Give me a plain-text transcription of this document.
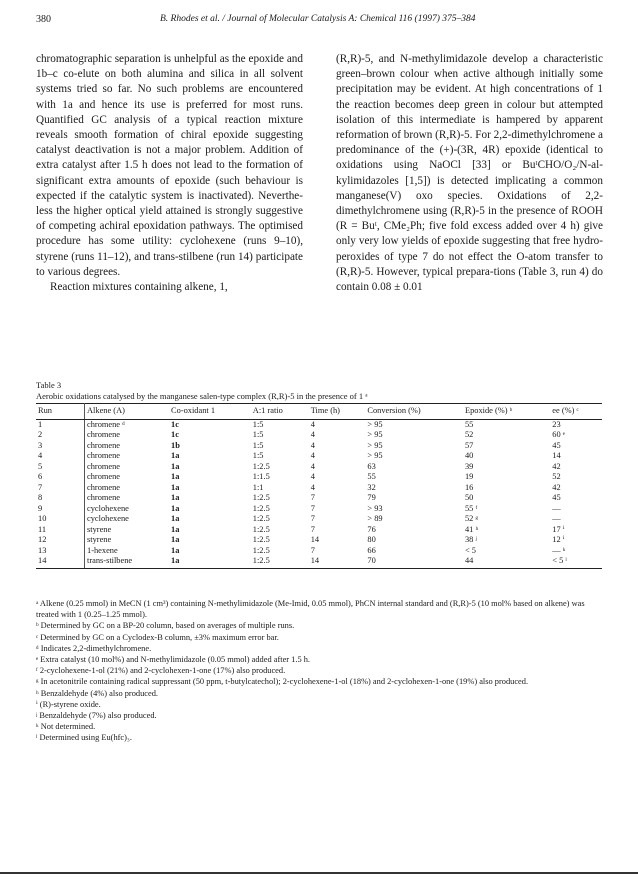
380	B. Rhodes et al. / Journal of Molecular Catalysis A: Chemical 116 (1997) 375–384

chromatographic separation is unhelpful as the epoxide and 1b–c co-elute on both alumina and silica in all solvent systems tried so far. No such problems are encountered with 1a and hence its use is preferred for most runs. Quantified GC analysis of a typical reaction mixture reveals smooth formation of chiral epoxide suggesting catalyst deactivation is not a major problem. Addition of extra catalyst after 1.5 h does not lead to the formation of significant extra amounts of epoxide (such behaviour is expected if the catalytic system is inactivated). Neverthe-less the higher optical yield attained is strongly suggestive of competing achiral epoxidation pathways. The optimised procedure has some utility: cyclohexene (runs 9–10), styrene (runs 11–12), and trans-stilbene (run 14) participate to various degrees.

Reaction mixtures containing alkene, 1,

(R,R)-5, and N-methylimidazole develop a characteristic green–brown colour when active although initially some precipitation may be evident. At high concentrations of 1 the reaction becomes deep green in colour but attempted isolation of this intermediate is hampered by apparent reformation of brown (R,R)-5. For 2,2-dimethylchromene a predominance of the (+)-(3R, 4R) epoxide (identical to oxidations using NaOCl [33] or BuᵗCHO/O₂/N-al-kylimidazoles [1,5]) is detected implicating a common manganese(V) oxo species. Oxidations of 2,2-dimethylchromene using (R,R)-5 in the presence of ROOH (R = Buᵗ, CMe₂Ph; five fold excess added over 4 h) give only very low yields of epoxide suggesting that free hydro-peroxides of type 7 do not effect the O-atom transfer to (R,R)-5. However, typical prepara-tions (Table 3, run 4) do contain 0.08 ± 0.01

Table 3
Aerobic oxidations catalysed by the manganese salen-type complex (R,R)-5 in the presence of 1 ᵃ
Run	Alkene (A)	Co-oxidant 1	A:1 ratio	Time (h)	Conversion (%)	Epoxide (%) ᵇ	ee (%) ᶜ
1	chromene ᵈ	1c	1:5	4	> 95	55	23
2	chromene	1c	1:5	4	> 95	52	60 ᵉ
3	chromene	1b	1:5	4	> 95	57	45
4	chromene	1a	1:5	4	> 95	40	14
5	chromene	1a	1:2.5	4	63	39	42
6	chromene	1a	1:1.5	4	55	19	52
7	chromene	1a	1:1	4	32	16	42
8	chromene	1a	1:2.5	7	79	50	45
9	cyclohexene	1a	1:2.5	7	> 93	55 ᶠ	—
10	cyclohexene	1a	1:2.5	7	> 89	52 ᵍ	—
11	styrene	1a	1:2.5	7	76	41 ʰ	17 ⁱ
12	styrene	1a	1:2.5	14	80	38 ʲ	12 ⁱ
13	1-hexene	1a	1:2.5	7	66	< 5	— ᵏ
14	trans-stilbene	1a	1:2.5	14	70	44	< 5 ˡ
ᵃ Alkene (0.25 mmol) in MeCN (1 cm³) containing N-methylimidazole (Me-Imid, 0.05 mmol), PhCN internal standard and (R,R)-5 (10 mol% based on alkene) was treated with 1 (0.25–1.25 mmol).
ᵇ Determined by GC on a BP-20 column, based on averages of multiple runs.
ᶜ Determined by GC on a Cyclodex-B column, ±3% maximum error bar.
ᵈ Indicates 2,2-dimethylchromene.
ᵉ Extra catalyst (10 mol%) and N-methylimidazole (0.05 mmol) added after 1.5 h.
ᶠ 2-cyclohexene-1-ol (21%) and 2-cyclohexen-1-one (17%) also produced.
ᵍ In acetonitrile containing radical suppressant (50 ppm, t-butylcatechol); 2-cyclohexene-1-ol (18%) and 2-cyclohexen-1-one (19%) also produced.
ʰ Benzaldehyde (4%) also produced.
ⁱ (R)-styrene oxide.
ʲ Benzaldehyde (7%) also produced.
ᵏ Not determined.
ˡ Determined using Eu(hfc)₃.
